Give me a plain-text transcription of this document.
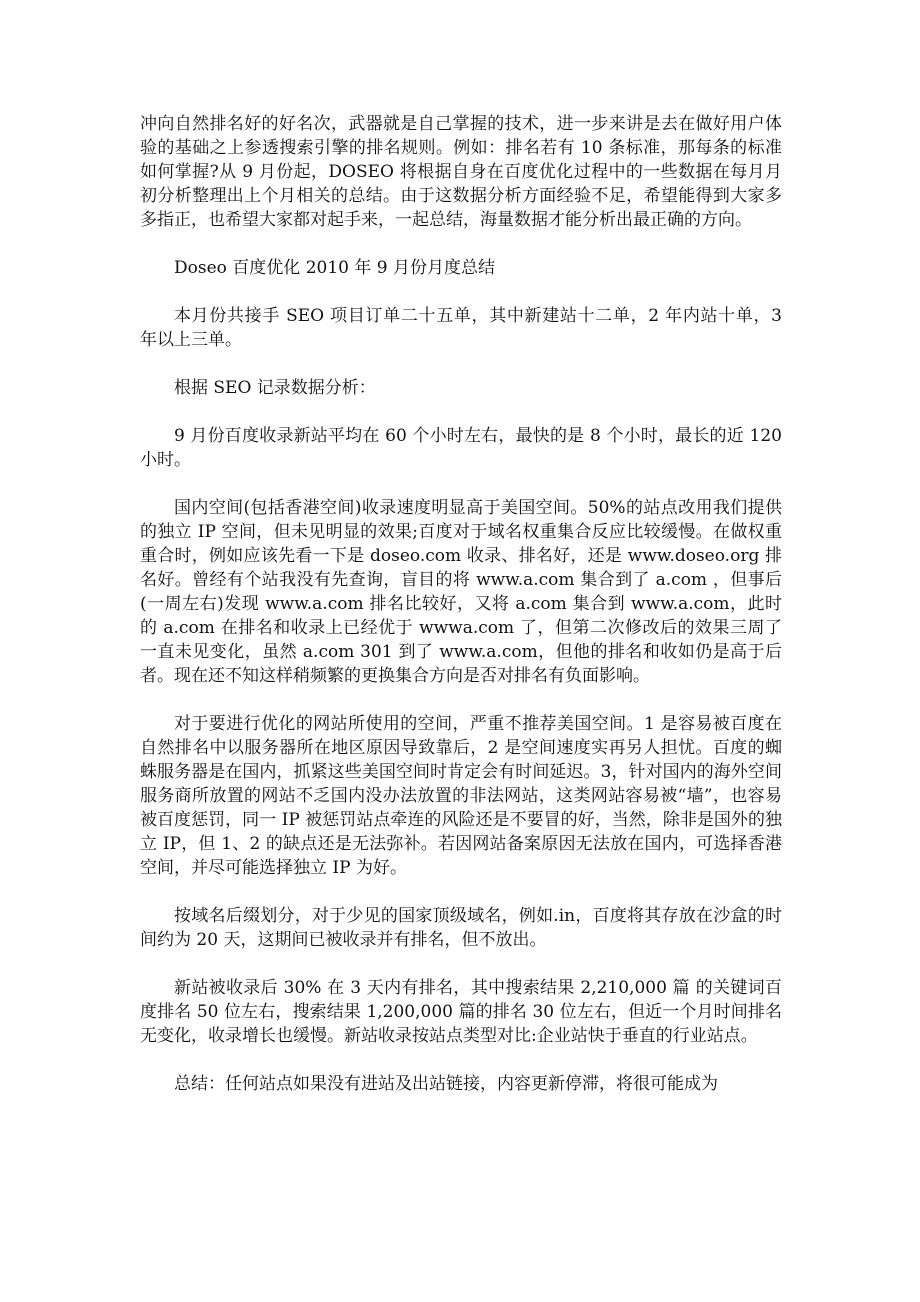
冲向自然排名好的好名次，武器就是自己掌握的技术，进一步来讲是去在做好用户体验的基础之上参透搜索引擎的排名规则。例如：排名若有 10 条标准，那每条的标准如何掌握?从 9 月份起，DOSEO 将根据自身在百度优化过程中的一些数据在每月月初分析整理出上个月相关的总结。由于这数据分析方面经验不足，希望能得到大家多多指正，也希望大家都对起手来，一起总结，海量数据才能分析出最正确的方向。

Doseo 百度优化 2010 年 9 月份月度总结

本月份共接手 SEO 项目订单二十五单，其中新建站十二单，2 年内站十单，3 年以上三单。

根据 SEO 记录数据分析：

9 月份百度收录新站平均在 60 个小时左右，最快的是 8 个小时，最长的近 120 小时。

国内空间(包括香港空间)收录速度明显高于美国空间。50%的站点改用我们提供的独立 IP 空间，但未见明显的效果;百度对于域名权重集合反应比较缓慢。在做权重重合时，例如应该先看一下是 doseo.com 收录、排名好，还是 www.doseo.org 排名好。曾经有个站我没有先查询，盲目的将 www.a.com 集合到了 a.com ，但事后(一周左右)发现 www.a.com 排名比较好，又将 a.com 集合到 www.a.com，此时的 a.com 在排名和收录上已经优于 wwwa.com 了，但第二次修改后的效果三周了一直未见变化，虽然 a.com 301 到了 www.a.com，但他的排名和收如仍是高于后者。现在还不知这样稍频繁的更换集合方向是否对排名有负面影响。

对于要进行优化的网站所使用的空间，严重不推荐美国空间。1 是容易被百度在自然排名中以服务器所在地区原因导致靠后，2 是空间速度实再另人担忧。百度的蜘蛛服务器是在国内，抓紧这些美国空间时肯定会有时间延迟。3，针对国内的海外空间服务商所放置的网站不乏国内没办法放置的非法网站，这类网站容易被“墙”，也容易被百度惩罚，同一 IP 被惩罚站点牵连的风险还是不要冒的好，当然，除非是国外的独立 IP，但 1、2 的缺点还是无法弥补。若因网站备案原因无法放在国内，可选择香港空间，并尽可能选择独立 IP 为好。

按域名后缀划分，对于少见的国家顶级域名，例如.in，百度将其存放在沙盒的时间约为 20 天，这期间已被收录并有排名，但不放出。

新站被收录后 30% 在 3 天内有排名，其中搜索结果 2,210,000 篇 的关键词百度排名 50 位左右，搜索结果 1,200,000 篇的排名 30 位左右，但近一个月时间排名无变化，收录增长也缓慢。新站收录按站点类型对比:企业站快于垂直的行业站点。

总结：任何站点如果没有进站及出站链接，内容更新停滞，将很可能成为
